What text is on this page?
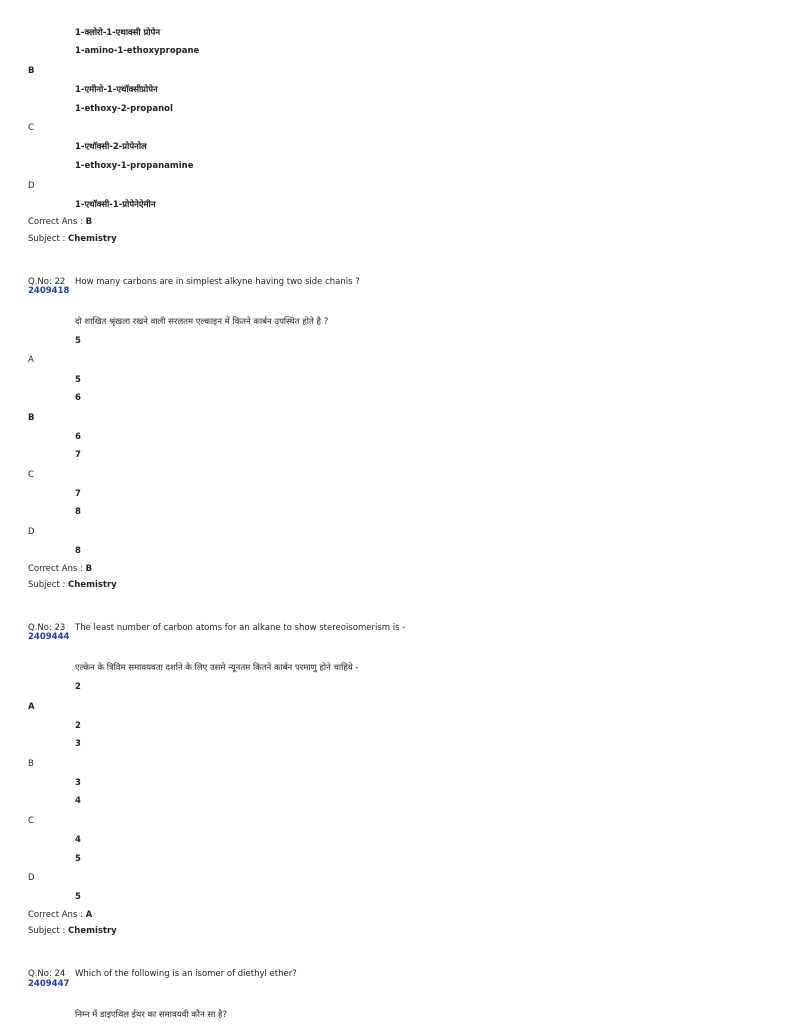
1-क्लोरो-1-एथाक्सी प्रोपेन
1-amino-1-ethoxypropane
B
1-एमीनो-1-एथॉक्सीप्रोपेन
1-ethoxy-2-propanol
C
1-एथॉक्सी-2-प्रोपेनोल
1-ethoxy-1-propanamine
D
1-एथॉक्सी-1-प्रोपेनेऐमीन
Correct Ans : B
Subject : Chemistry
Q.No: 22 How many carbons are in simplest alkyne having two side chanis ?
2409418
दो शाखित श्रृंखला रखने वाली सरलतम एल्काइन में कितने कार्बन उपस्थित होते है ?
5
A
5
6
B
6
7
C
7
8
D
8
Correct Ans : B
Subject : Chemistry
Q.No: 23 The least number of carbon atoms for an alkane to show stereoisomerism is -
2409444
एल्केन के त्रिविम समावयवता दर्शाने के लिए उसमे न्यूनतम कितने कार्बन परमाणु होने चाहिये -
2
A
2
3
B
3
4
C
4
5
D
5
Correct Ans : A
Subject : Chemistry
Q.No: 24 Which of the following is an isomer of diethyl ether?
2409447
निम्न में डाइएथिल ईथर का समावयवी कौन सा है?
